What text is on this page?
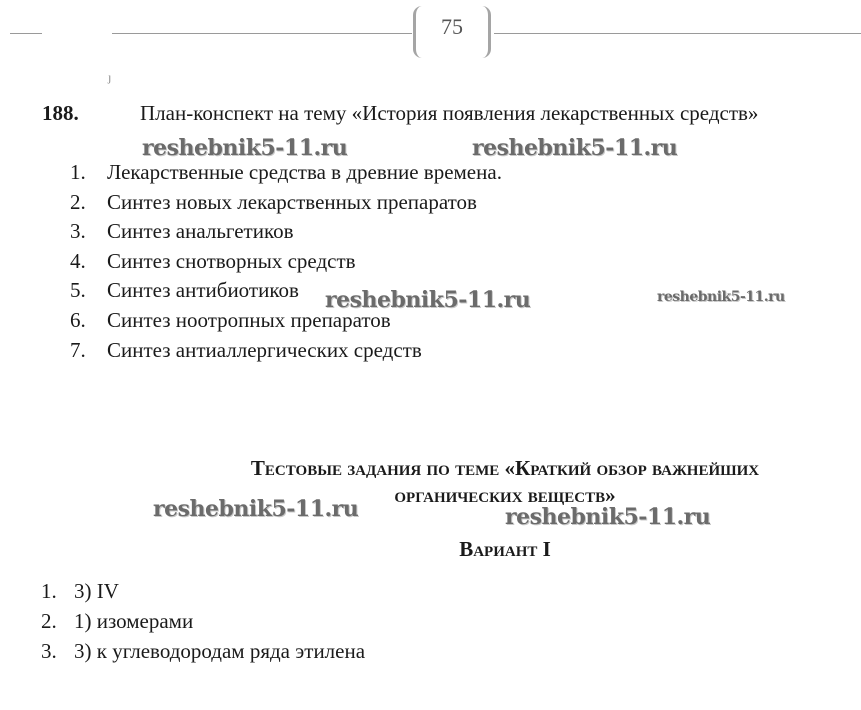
75
ȷ
188.	План-конспект на тему «История появления лекарственных средств»
1. Лекарственные средства в древние времена.
2. Синтез новых лекарственных препаратов
3. Синтез анальгетиков
4. Синтез снотворных средств
5. Синтез антибиотиков
6. Синтез ноотропных препаратов
7. Синтез антиаллергических средств
Тестовые задания по теме «Краткий обзор важнейших
органических веществ»
Вариант I
1. 3) IV
2. 1) изомерами
3. 3) к углеводородам ряда этилена
reshebnik5-11.ru	reshebnik5-11.ru
reshebnik5-11.ru	reshebnik5-11.ru
reshebnik5-11.ru	reshebnik5-11.ru
